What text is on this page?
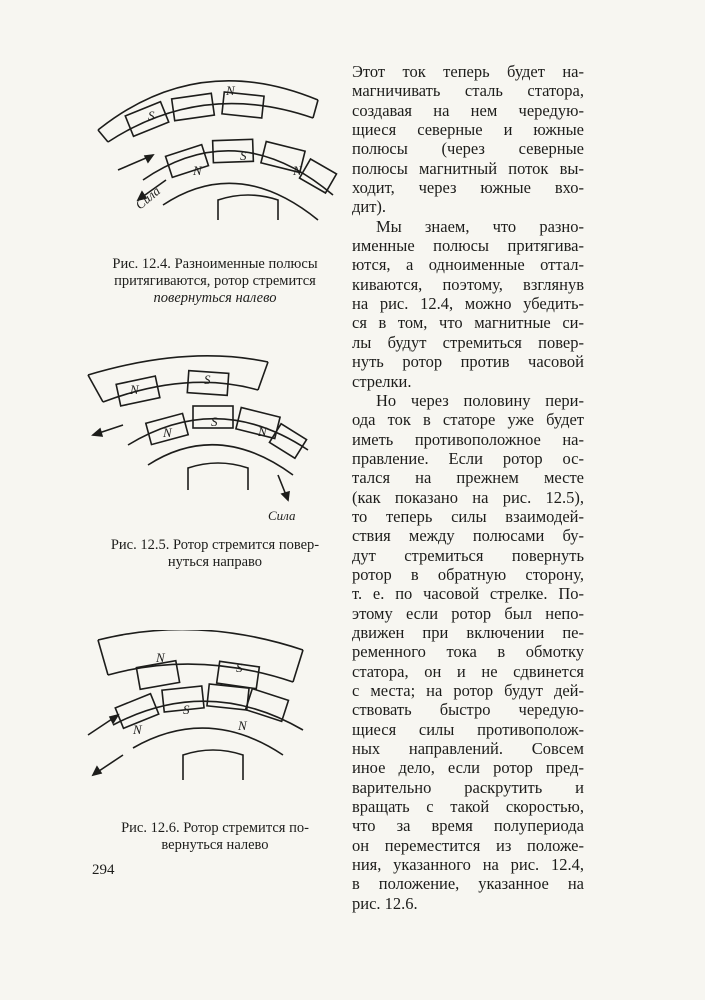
S
N
N
S
N
Сила
Рис. 12.4. Разноименные полюсы
притягиваются, ротор стремится
повернуться налево
N
S
N
S
N
Сила
Рис. 12.5. Ротор стремится повер-
нуться направо
N
S
N
S
N
Рис. 12.6. Ротор стремится по-
вернуться налево
Этот ток теперь будет на-
магничивать сталь статора,
создавая на нем чередую-
щиеся северные и южные
полюсы (через северные
полюсы магнитный поток вы-
ходит, через южные вхо-
дит).
Мы знаем, что разно-
именные полюсы притягива-
ются, а одноименные оттал-
киваются, поэтому, взглянув
на рис. 12.4, можно убедить-
ся в том, что магнитные си-
лы будут стремиться повер-
нуть ротор против часовой
стрелки.
Но через половину пери-
ода ток в статоре уже будет
иметь противоположное на-
правление. Если ротор ос-
тался на прежнем месте
(как показано на рис. 12.5),
то теперь силы взаимодей-
ствия между полюсами бу-
дут стремиться повернуть
ротор в обратную сторону,
т. е. по часовой стрелке. По-
этому если ротор был непо-
движен при включении пе-
ременного тока в обмотку
статора, он и не сдвинется
с места; на ротор будут дей-
ствовать быстро чередую-
щиеся силы противополож-
ных направлений. Совсем
иное дело, если ротор пред-
варительно раскрутить и
вращать с такой скоростью,
что за время полупериода
он переместится из положе-
ния, указанного на рис. 12.4,
в положение, указанное на
рис. 12.6.
294
